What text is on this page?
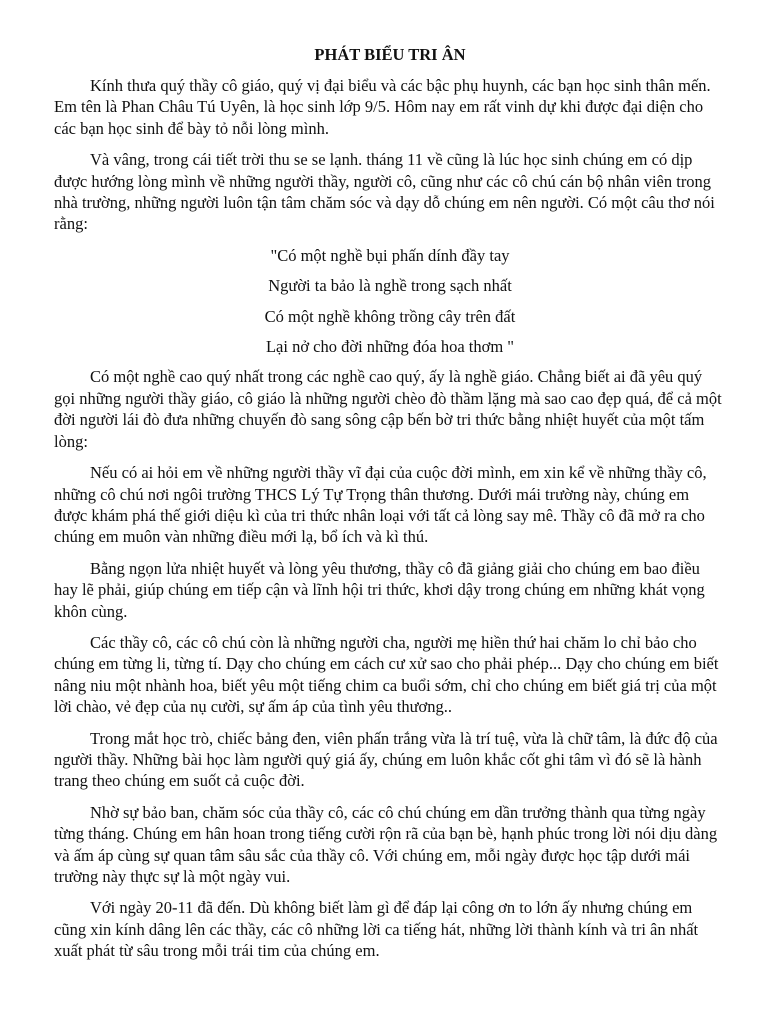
PHÁT BIỂU TRI ÂN

Kính thưa quý thầy cô giáo, quý vị đại biểu và các bậc phụ huynh, các bạn học sinh thân mến. Em tên là Phan Châu Tú Uyên, là học sinh lớp 9/5. Hôm nay em rất vinh dự khi được đại diện cho các bạn học sinh để bày tỏ nỗi lòng mình.

Và vâng, trong cái tiết trời thu se se lạnh. tháng 11 về cũng là lúc học sinh chúng em có dịp được hướng lòng mình về những người thầy, người cô, cũng như các cô chú cán bộ nhân viên trong nhà trường, những người luôn tận tâm chăm sóc và dạy dỗ chúng em nên người. Có một câu thơ nói rằng:

"Có một nghề bụi phấn dính đầy tay
Người ta bảo là nghề trong sạch nhất
Có một nghề không trồng cây trên đất
Lại nở cho đời những đóa hoa thơm "

Có một nghề cao quý nhất trong các nghề cao quý, ấy là nghề giáo. Chẳng biết ai đã yêu quý gọi những người thầy giáo, cô giáo là những người chèo đò thầm lặng mà sao cao đẹp quá, để cả một đời người lái đò đưa những chuyến đò sang sông cập bến bờ tri thức bằng nhiệt huyết của một tấm lòng:

Nếu có ai hỏi em về những người thầy vĩ đại của cuộc đời mình, em xin kể về những thầy cô, những cô chú nơi ngôi trường THCS Lý Tự Trọng thân thương. Dưới mái trường này, chúng em được khám phá thế giới diệu kì của tri thức nhân loại với tất cả lòng say mê. Thầy cô đã mở ra cho chúng em muôn vàn những điều mới lạ, bổ ích và kì thú.

Bằng ngọn lửa nhiệt huyết và lòng yêu thương, thầy cô đã giảng giải cho chúng em bao điều hay lẽ phải, giúp chúng em tiếp cận và lĩnh hội tri thức, khơi dậy trong chúng em những khát vọng khôn cùng.

Các thầy cô, các cô chú còn là những người cha, người mẹ hiền thứ hai chăm lo chỉ bảo cho chúng em từng li, từng tí. Dạy cho chúng em cách cư xử sao cho phải phép... Dạy cho chúng em biết nâng niu một nhành hoa, biết yêu một tiếng chim ca buổi sớm, chỉ cho chúng em biết giá trị của một lời chào, vẻ đẹp của nụ cười, sự ấm áp của tình yêu thương..

Trong mắt học trò, chiếc bảng đen, viên phấn trắng vừa là trí tuệ, vừa là chữ tâm, là đức độ của người thầy. Những bài học làm người quý giá ấy, chúng em luôn khắc cốt ghi tâm vì đó sẽ là hành trang theo chúng em suốt cả cuộc đời.

Nhờ sự bảo ban, chăm sóc của thầy cô, các cô chú chúng em dần trưởng thành qua từng ngày từng tháng. Chúng em hân hoan trong tiếng cười rộn rã của bạn bè, hạnh phúc trong lời nói dịu dàng và ấm áp cùng sự quan tâm sâu sắc của thầy cô. Với chúng em, mỗi ngày được học tập dưới mái trường này thực sự là một ngày vui.

Với ngày 20-11 đã đến. Dù không biết làm gì để đáp lại công ơn to lớn ấy nhưng chúng em cũng xin kính dâng lên các thầy, các cô những lời ca tiếng hát, những lời thành kính và tri ân nhất xuất phát từ sâu trong mỗi trái tim của chúng em.
